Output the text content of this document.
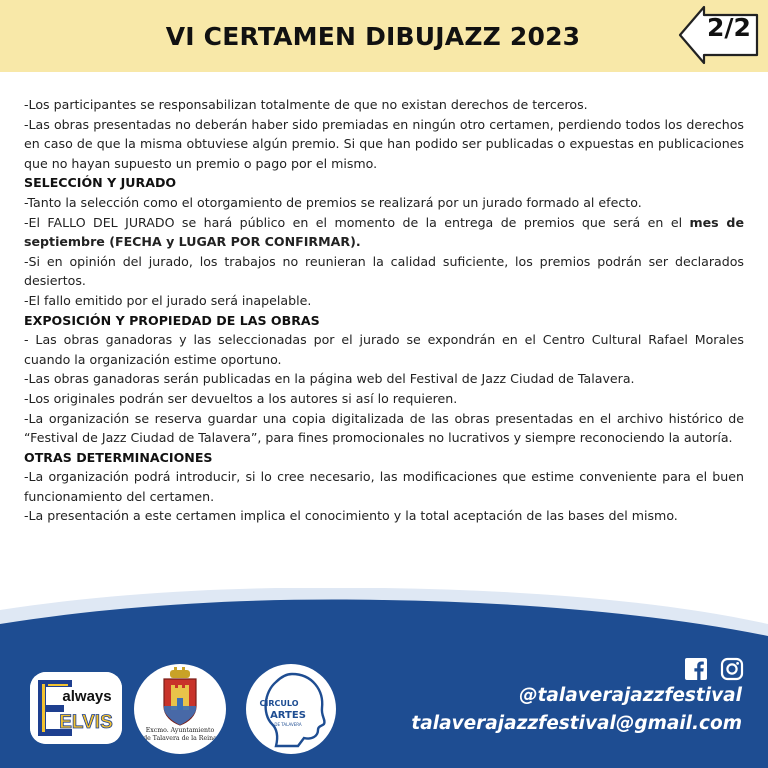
VI CERTAMEN DIBUJAZZ 2023	2/2

-Los participantes se responsabilizan totalmente de que no existan derechos de terceros.

-Las obras presentadas no deberán haber sido premiadas en ningún otro certamen, perdiendo todos los derechos en caso de que la misma obtuviese algún premio. Si que han podido ser publicadas o expuestas en publicaciones que no hayan supuesto un premio o pago por el mismo.

SELECCIÓN Y JURADO

-Tanto la selección como el otorgamiento de premios se realizará por un jurado formado al efecto.

-El FALLO DEL JURADO se hará público en el momento de la entrega de premios que será en el mes de septiembre (FECHA y LUGAR POR CONFIRMAR).

-Si en opinión del jurado, los trabajos no reunieran la calidad suficiente, los premios podrán ser declarados desiertos.

-El fallo emitido por el jurado será inapelable.

EXPOSICIÓN Y PROPIEDAD DE LAS OBRAS

- Las obras ganadoras y las seleccionadas por el jurado se expondrán en el Centro Cultural Rafael Morales cuando la organización estime oportuno.

-Las obras ganadoras serán publicadas en la página web del Festival de Jazz Ciudad de Talavera.

-Los originales podrán ser devueltos a los autores si así lo requieren.

-La organización se reserva guardar una copia digitalizada de las obras presentadas en el archivo histórico de “Festival de Jazz Ciudad de Talavera”, para fines promocionales no lucrativos y siempre reconociendo la autoría.

OTRAS DETERMINACIONES

-La organización podrá introducir, si lo cree necesario, las modificaciones que estime conveniente para el buen funcionamiento del certamen.

-La presentación a este certamen implica el conocimiento y la total aceptación de las bases del mismo.

always
ELVIS	Excmo. Ayuntamiento
de Talavera de la Reina
CÍRCULO
ARTES
DE TALAVERA
@talaverajazzfestival
talaverajazzfestival@gmail.com
